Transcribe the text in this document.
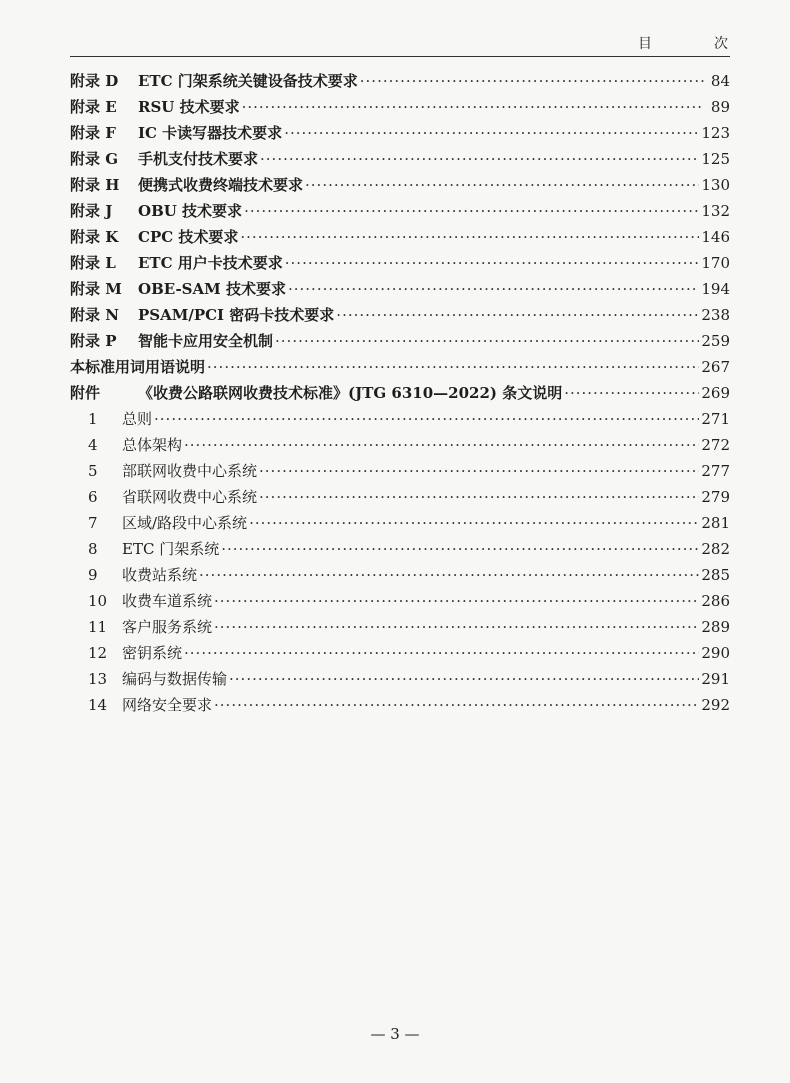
目　次
附录 D	ETC 门架系统关键设备技术要求 ·····	84
附录 E	RSU 技术要求 ·····	89
附录 F	IC 卡读写器技术要求 ·····	123
附录 G	手机支付技术要求 ·····	125
附录 H	便携式收费终端技术要求 ·····	130
附录 J	OBU 技术要求 ·····	132
附录 K	CPC 技术要求 ·····	146
附录 L	ETC 用户卡技术要求 ·····	170
附录 M	OBE-SAM 技术要求 ·····	194
附录 N	PSAM/PCI 密码卡技术要求 ·····	238
附录 P	智能卡应用安全机制 ·····	259
本标准用词用语说明 ·····	267
附件	《收费公路联网收费技术标准》(JTG 6310—2022) 条文说明 ·····	269
1	总则 ·····	271
4	总体架构 ·····	272
5	部联网收费中心系统 ·····	277
6	省联网收费中心系统 ·····	279
7	区域/路段中心系统 ·····	281
8	ETC 门架系统 ·····	282
9	收费站系统 ·····	285
10 收费车道系统 ·····	286
11 客户服务系统 ·····	289
12 密钥系统 ·····	290
13 编码与数据传输 ·····	291
14 网络安全要求 ·····	292
— 3 —
